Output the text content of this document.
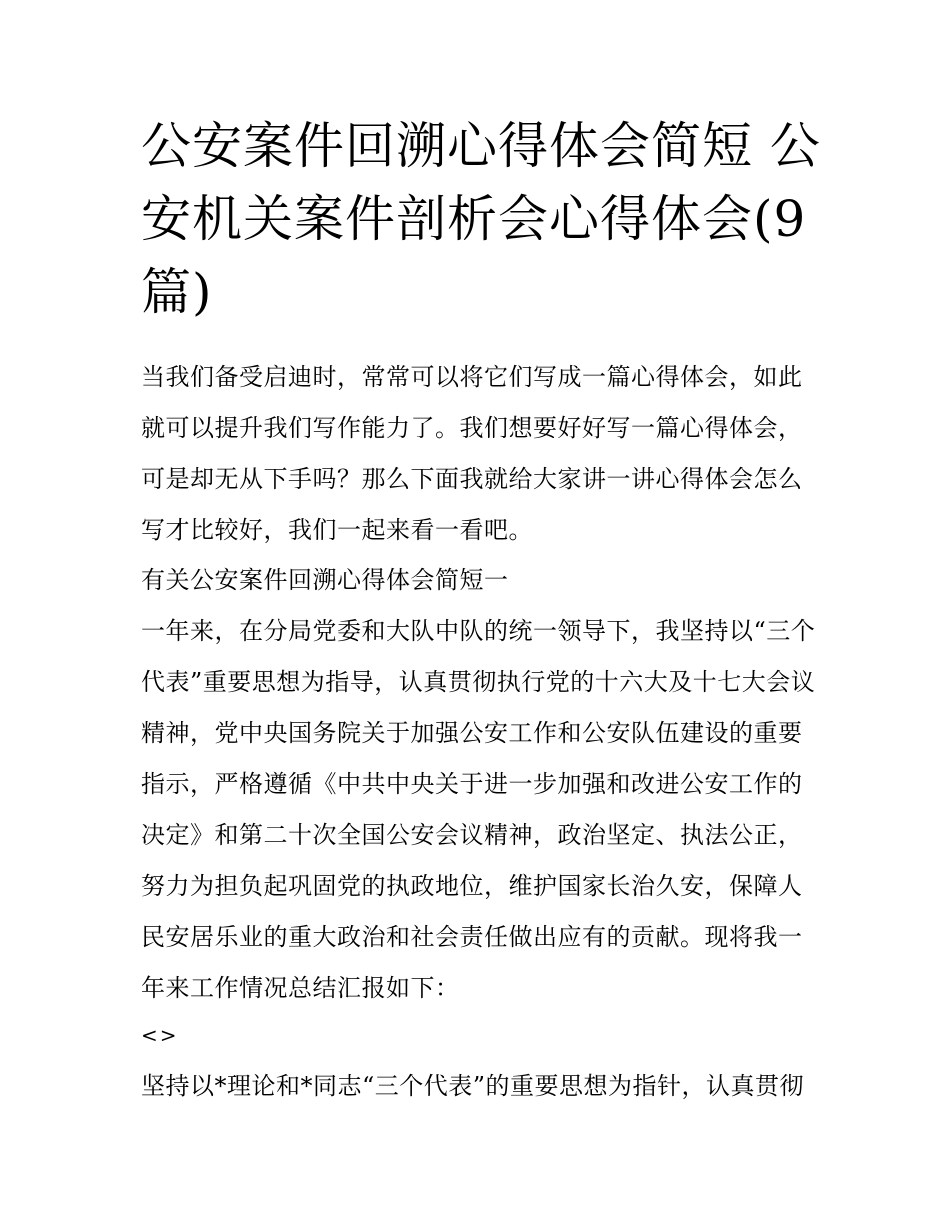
公安案件回溯心得体会简短 公安机关案件剖析会心得体会(9篇)

当我们备受启迪时，常常可以将它们写成一篇心得体会，如此就可以提升我们写作能力了。我们想要好好写一篇心得体会，可是却无从下手吗？那么下面我就给大家讲一讲心得体会怎么写才比较好，我们一起来看一看吧。

有关公安案件回溯心得体会简短一

一年来，在分局党委和大队中队的统一领导下，我坚持以“三个代表”重要思想为指导，认真贯彻执行党的十六大及十七大会议精神，党中央国务院关于加强公安工作和公安队伍建设的重要指示，严格遵循《中共中央关于进一步加强和改进公安工作的决定》和第二十次全国公安会议精神，政治坚定、执法公正，努力为担负起巩固党的执政地位，维护国家长治久安，保障人民安居乐业的重大政治和社会责任做出应有的贡献。现将我一年来工作情况总结汇报如下：

<>

坚持以*理论和*同志“三个代表”的重要思想为指针，认真贯彻
